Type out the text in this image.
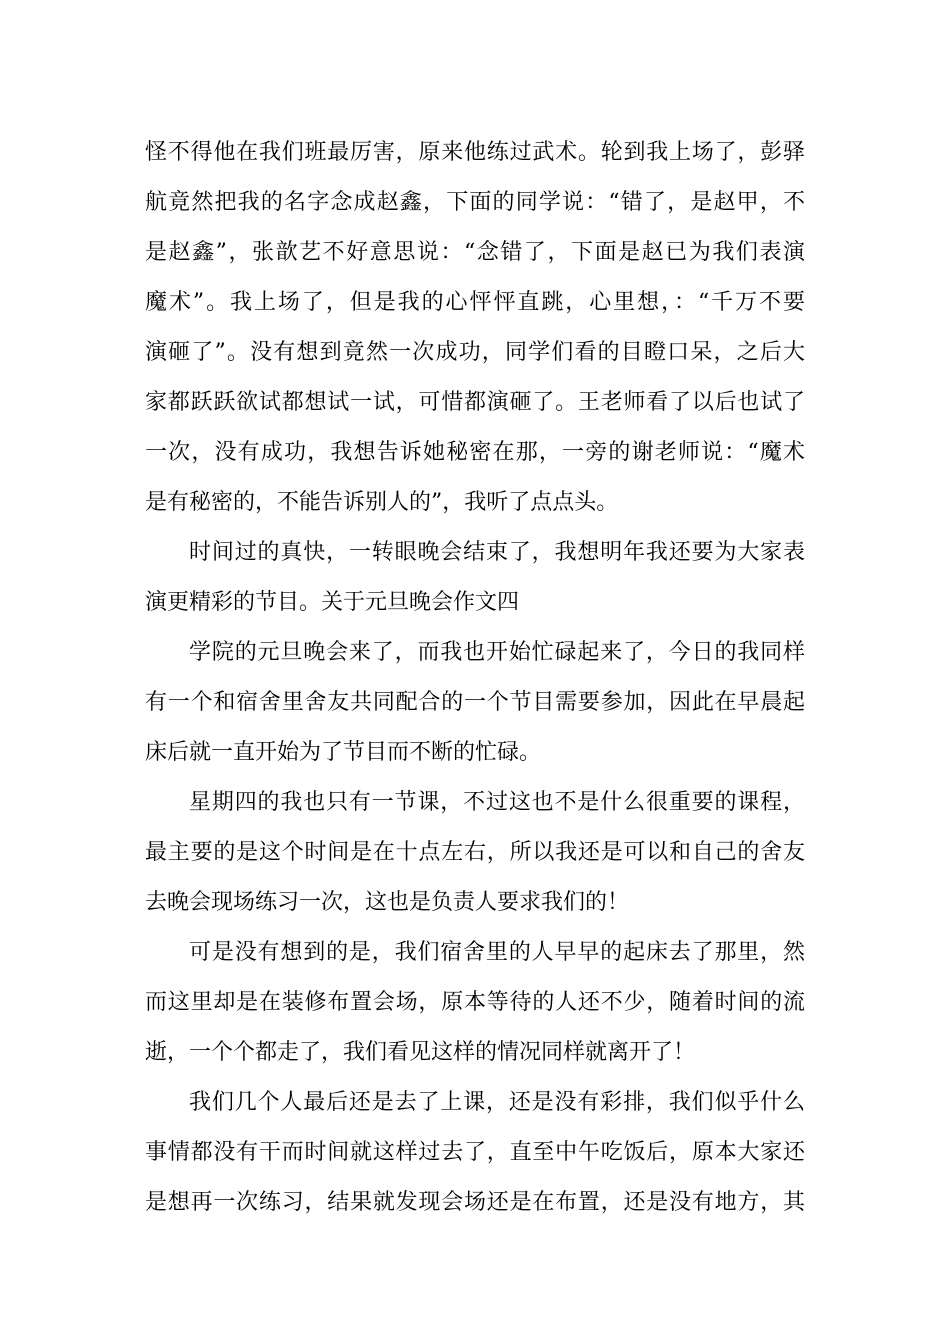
怪不得他在我们班最厉害，原来他练过武术。轮到我上场了，彭驿
航竟然把我的名字念成赵鑫，下面的同学说：“错了，是赵甲，不
是赵鑫”，张歆艺不好意思说：“念错了，下面是赵已为我们表演
魔术”。我上场了，但是我的心怦怦直跳，心里想，：“千万不要
演砸了”。没有想到竟然一次成功，同学们看的目瞪口呆，之后大
家都跃跃欲试都想试一试，可惜都演砸了。王老师看了以后也试了
一次，没有成功，我想告诉她秘密在那，一旁的谢老师说：“魔术
是有秘密的，不能告诉别人的”，我听了点点头。
时间过的真快，一转眼晚会结束了，我想明年我还要为大家表
演更精彩的节目。关于元旦晚会作文四
学院的元旦晚会来了，而我也开始忙碌起来了，今日的我同样
有一个和宿舍里舍友共同配合的一个节目需要参加，因此在早晨起
床后就一直开始为了节目而不断的忙碌。
星期四的我也只有一节课，不过这也不是什么很重要的课程，
最主要的是这个时间是在十点左右，所以我还是可以和自己的舍友
去晚会现场练习一次，这也是负责人要求我们的！
可是没有想到的是，我们宿舍里的人早早的起床去了那里，然
而这里却是在装修布置会场，原本等待的人还不少，随着时间的流
逝，一个个都走了，我们看见这样的情况同样就离开了！
我们几个人最后还是去了上课，还是没有彩排，我们似乎什么
事情都没有干而时间就这样过去了，直至中午吃饭后，原本大家还
是想再一次练习，结果就发现会场还是在布置，还是没有地方，其
